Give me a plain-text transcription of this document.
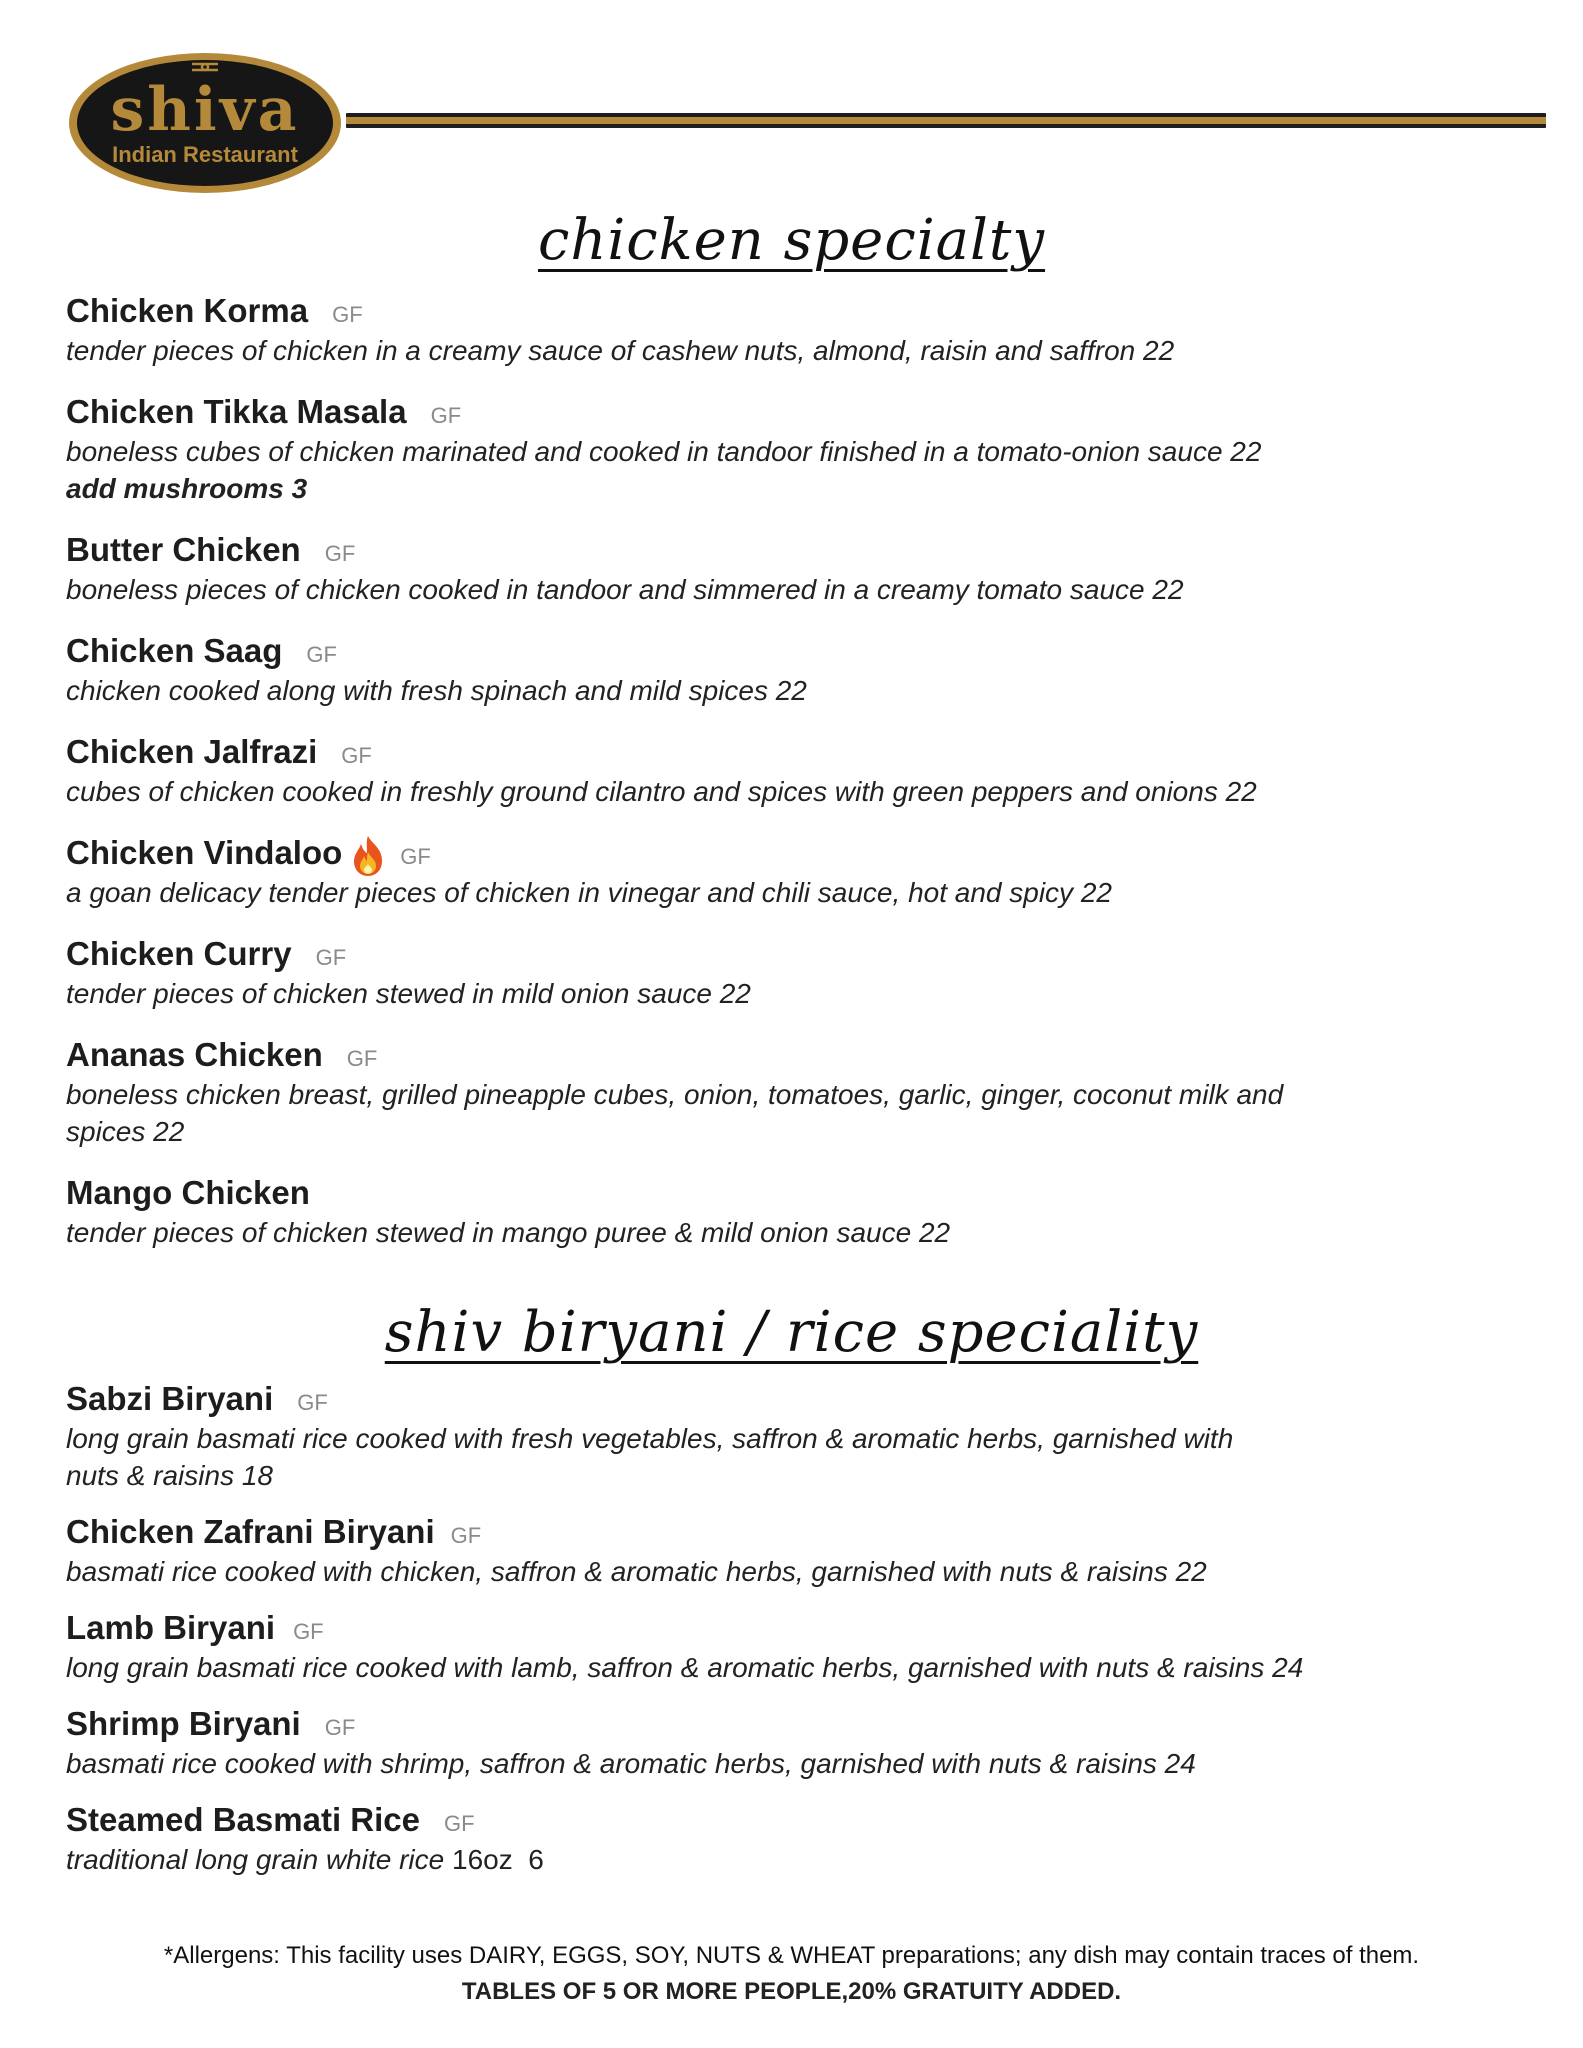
shiva
Indian Restaurant
chicken specialty
Chicken Korma GF
tender pieces of chicken in a creamy sauce of cashew nuts, almond, raisin and saffron 22
Chicken Tikka Masala GF
boneless cubes of chicken marinated and cooked in tandoor finished in a tomato-onion sauce 22
add mushrooms 3
Butter Chicken GF
boneless pieces of chicken cooked in tandoor and simmered in a creamy tomato sauce 22
Chicken Saag GF
chicken cooked along with fresh spinach and mild spices 22
Chicken Jalfrazi GF
cubes of chicken cooked in freshly ground cilantro and spices with green peppers and onions 22
Chicken Vindaloo	GF
a goan delicacy tender pieces of chicken in vinegar and chili sauce, hot and spicy 22
Chicken Curry GF
tender pieces of chicken stewed in mild onion sauce 22
Ananas Chicken GF
boneless chicken breast, grilled pineapple cubes, onion, tomatoes, garlic, ginger, coconut milk and
spices 22
Mango Chicken
tender pieces of chicken stewed in mango puree & mild onion sauce 22
shiv biryani / rice speciality
Sabzi Biryani GF
long grain basmati rice cooked with fresh vegetables, saffron & aromatic herbs, garnished with
nuts & raisins 18
Chicken Zafrani Biryani GF
basmati rice cooked with chicken, saffron & aromatic herbs, garnished with nuts & raisins 22
Lamb Biryani GF
long grain basmati rice cooked with lamb, saffron & aromatic herbs, garnished with nuts & raisins 24
Shrimp Biryani GF
basmati rice cooked with shrimp, saffron & aromatic herbs, garnished with nuts & raisins 24
Steamed Basmati Rice GF
traditional long grain white rice 16oz  6
*Allergens: This facility uses DAIRY, EGGS, SOY, NUTS & WHEAT preparations; any dish may contain traces of them.
TABLES OF 5 OR MORE PEOPLE,20% GRATUITY ADDED.
